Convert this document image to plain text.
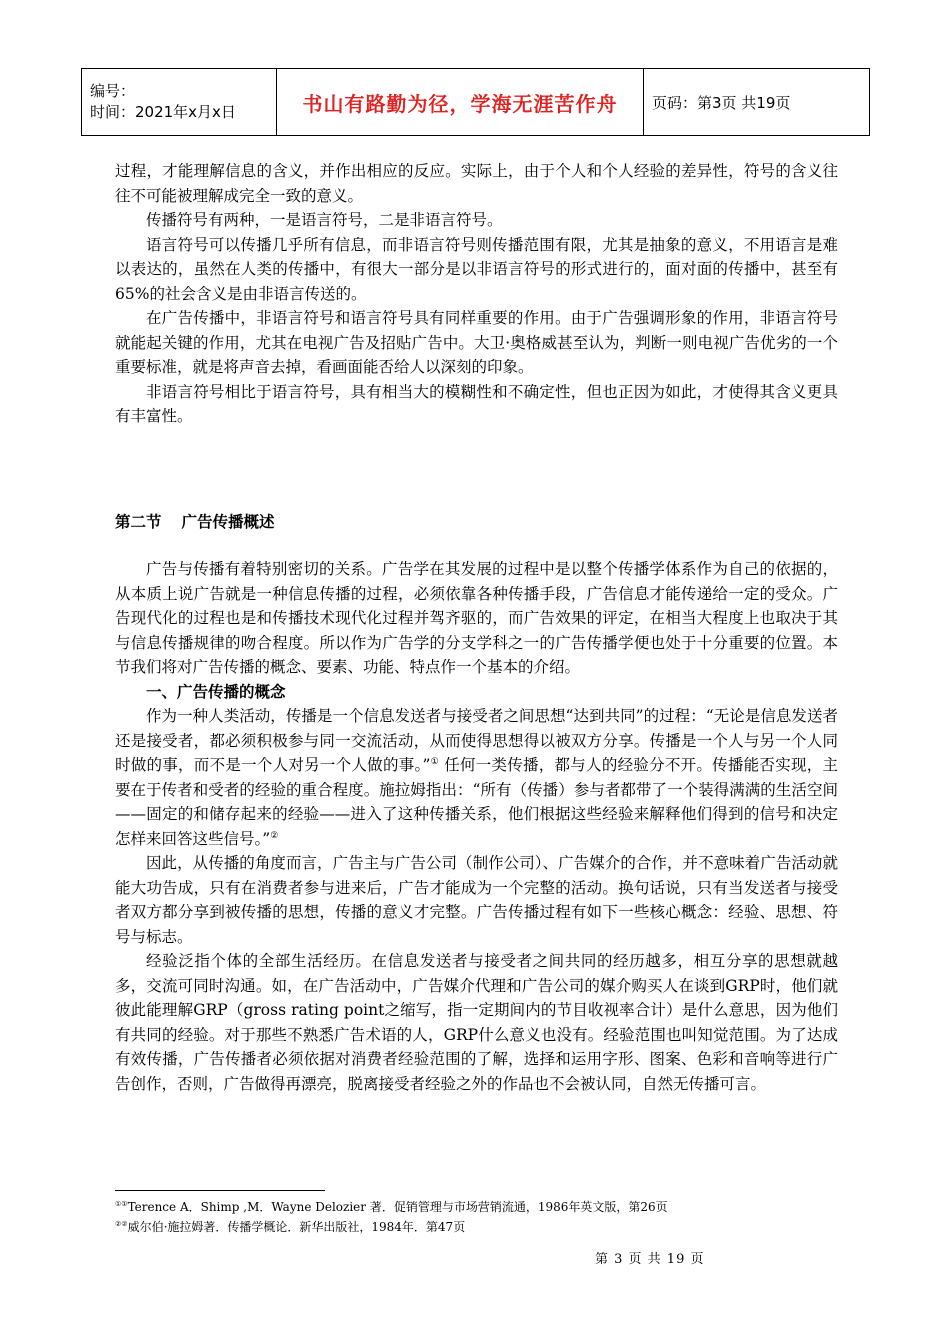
编号：
时间：2021年x月x日	书山有路勤为径，学海无涯苦作舟	页码：第3页 共19页

过程，才能理解信息的含义，并作出相应的反应。实际上，由于个人和个人经验的差异性，符号的含义往往不可能被理解成完全一致的意义。

传播符号有两种，一是语言符号，二是非语言符号。

语言符号可以传播几乎所有信息，而非语言符号则传播范围有限，尤其是抽象的意义，不用语言是难以表达的，虽然在人类的传播中，有很大一部分是以非语言符号的形式进行的，面对面的传播中，甚至有65%的社会含义是由非语言传送的。

在广告传播中，非语言符号和语言符号具有同样重要的作用。由于广告强调形象的作用，非语言符号就能起关键的作用，尤其在电视广告及招贴广告中。大卫·奥格威甚至认为，判断一则电视广告优劣的一个重要标准，就是将声音去掉，看画面能否给人以深刻的印象。

非语言符号相比于语言符号，具有相当大的模糊性和不确定性，但也正因为如此，才使得其含义更具有丰富性。

第二节 广告传播概述

广告与传播有着特别密切的关系。广告学在其发展的过程中是以整个传播学体系作为自己的依据的，从本质上说广告就是一种信息传播的过程，必须依靠各种传播手段，广告信息才能传递给一定的受众。广告现代化的过程也是和传播技术现代化过程并驾齐驱的，而广告效果的评定，在相当大程度上也取决于其与信息传播规律的吻合程度。所以作为广告学的分支学科之一的广告传播学便也处于十分重要的位置。本节我们将对广告传播的概念、要素、功能、特点作一个基本的介绍。

一、广告传播的概念

作为一种人类活动，传播是一个信息发送者与接受者之间思想“达到共同”的过程：“无论是信息发送者还是接受者，都必须积极参与同一交流活动，从而使得思想得以被双方分享。传播是一个人与另一个人同时做的事，而不是一个人对另一个人做的事。”① 任何一类传播，都与人的经验分不开。传播能否实现，主要在于传者和受者的经验的重合程度。施拉姆指出：“所有（传播）参与者都带了一个装得满满的生活空间——固定的和储存起来的经验——进入了这种传播关系，他们根据这些经验来解释他们得到的信号和决定怎样来回答这些信号。”②

因此，从传播的角度而言，广告主与广告公司（制作公司）、广告媒介的合作，并不意味着广告活动就能大功告成，只有在消费者参与进来后，广告才能成为一个完整的活动。换句话说，只有当发送者与接受者双方都分享到被传播的思想，传播的意义才完整。广告传播过程有如下一些核心概念：经验、思想、符号与标志。

经验泛指个体的全部生活经历。在信息发送者与接受者之间共同的经历越多，相互分享的思想就越多，交流可同时沟通。如，在广告活动中，广告媒介代理和广告公司的媒介购买人在谈到GRP时，他们就彼此能理解GRP（gross rating point之缩写，指一定期间内的节目收视率合计）是什么意思，因为他们有共同的经验。对于那些不熟悉广告术语的人，GRP什么意义也没有。经验范围也叫知觉范围。为了达成有效传播，广告传播者必须依据对消费者经验范围的了解，选择和运用字形、图案、色彩和音响等进行广告创作，否则，广告做得再漂亮，脱离接受者经验之外的作品也不会被认同，自然无传播可言。

①①Terence A．Shimp ,M．Wayne Delozier 著．促销管理与市场营销流通，1986年英文版，第26页

②②威尔伯·施拉姆著．传播学概论．新华出版社，1984年．第47页

第 3 页 共 19 页
